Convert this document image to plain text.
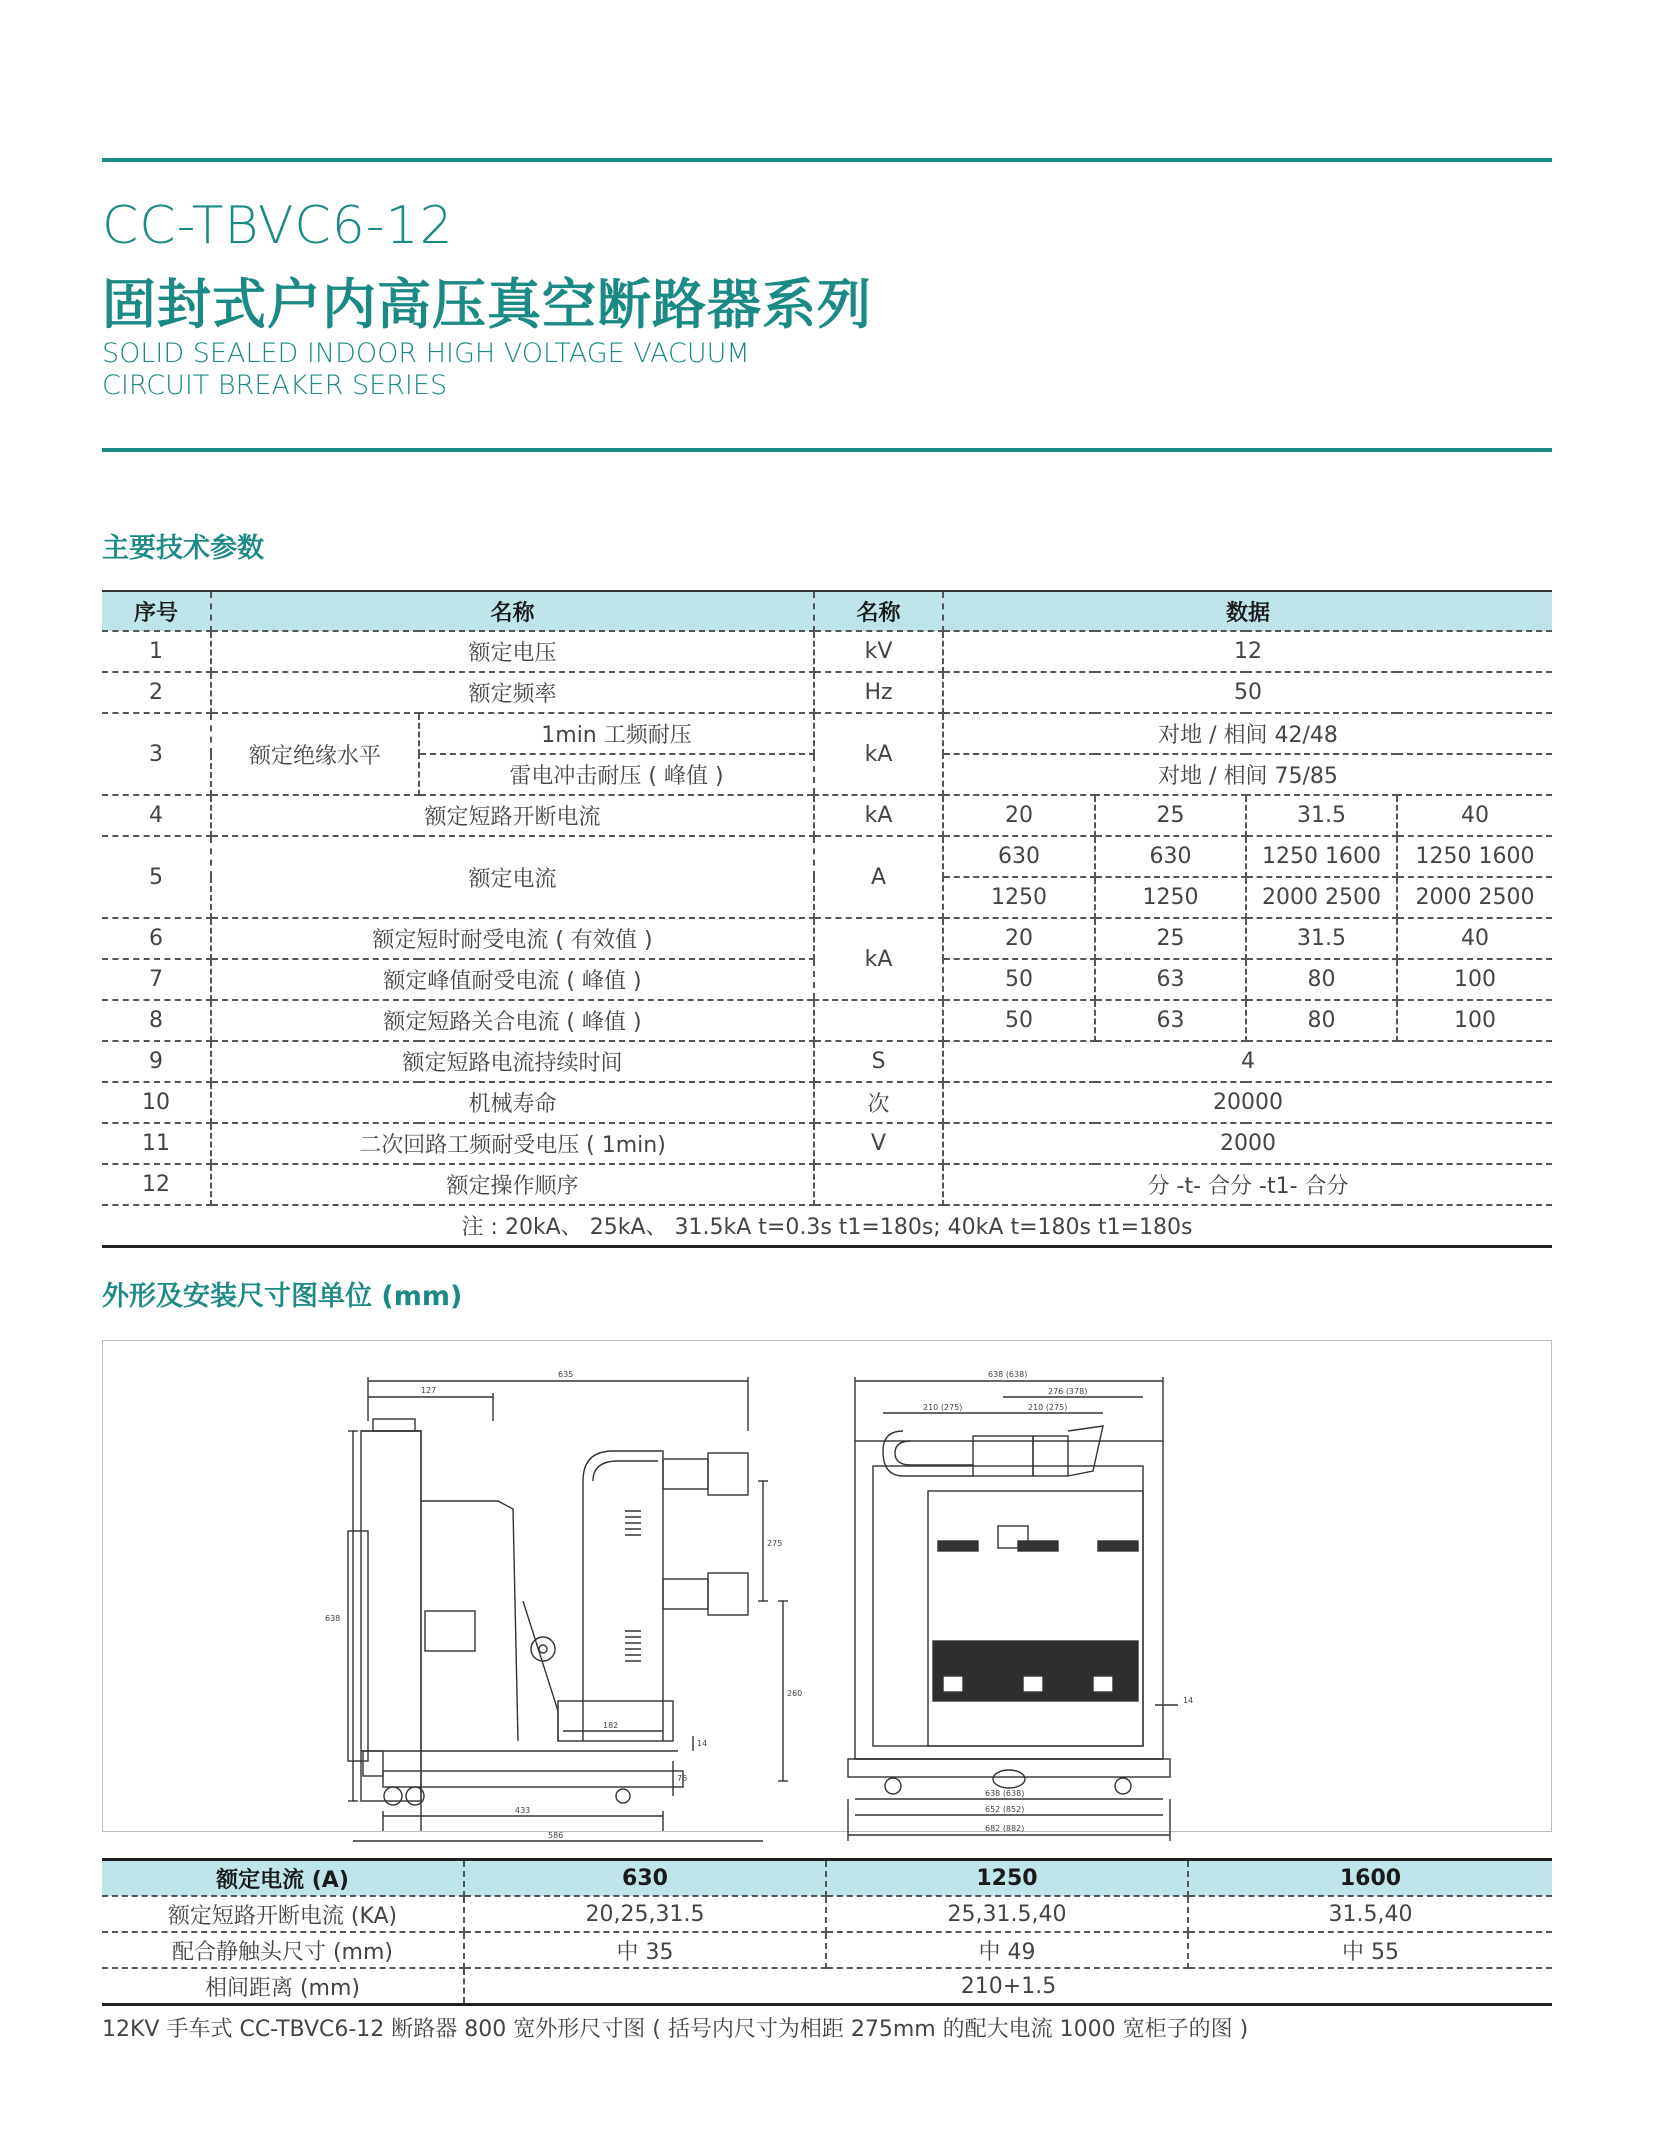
CC-TBVC6-12
固封式户内高压真空断路器系列
SOLID SEALED INDOOR HIGH VOLTAGE VACUUM
CIRCUIT BREAKER SERIES
主要技术参数
序号	名称		名称	数据			
1	额定电压		kV	12			
2	额定频率		Hz	50			
3	额定绝缘水平	1min 工频耐压	kA	对地 / 相间 42/48			
		雷电冲击耐压 ( 峰值 )		对地 / 相间 75/85			
4	额定短路开断电流		kA	20	25	31.5	40
5	额定电流		A	630	630	1250 1600	1250 1600
				1250	1250	2000 2500	2000 2500
6	额定短时耐受电流 ( 有效值 )		kA	20	25	31.5	40
7	额定峰值耐受电流 ( 峰值 )			50	63	80	100
8	额定短路关合电流 ( 峰值 )			50	63	80	100
9	额定短路电流持续时间		S	4			
10	机械寿命		次	20000			
11	二次回路工频耐受电压 ( 1min)		V	2000			
12	额定操作顺序			分 -t- 合分 -t1- 合分			
注 : 20kA、 25kA、 31.5kA t=0.3s t1=180s; 40kA t=180s t1=180s							
外形及安装尺寸图单位 (mm)
635
127
638
275
260
182
14
76
433
586
638 (638)
276 (378)
210 (275)	210 (275)
14
638 (638)
652 (852)
682 (882)
额定电流 (A)	630	1250	1600
额定短路开断电流 (KA)	20,25,31.5	25,31.5,40	31.5,40
配合静触头尺寸 (mm)	中 35	中 49	中 55
相间距离 (mm)	210+1.5		
12KV 手车式 CC-TBVC6-12 断路器 800 宽外形尺寸图 ( 括号内尺寸为相距 275mm 的配大电流 1000 宽柜子的图 )
